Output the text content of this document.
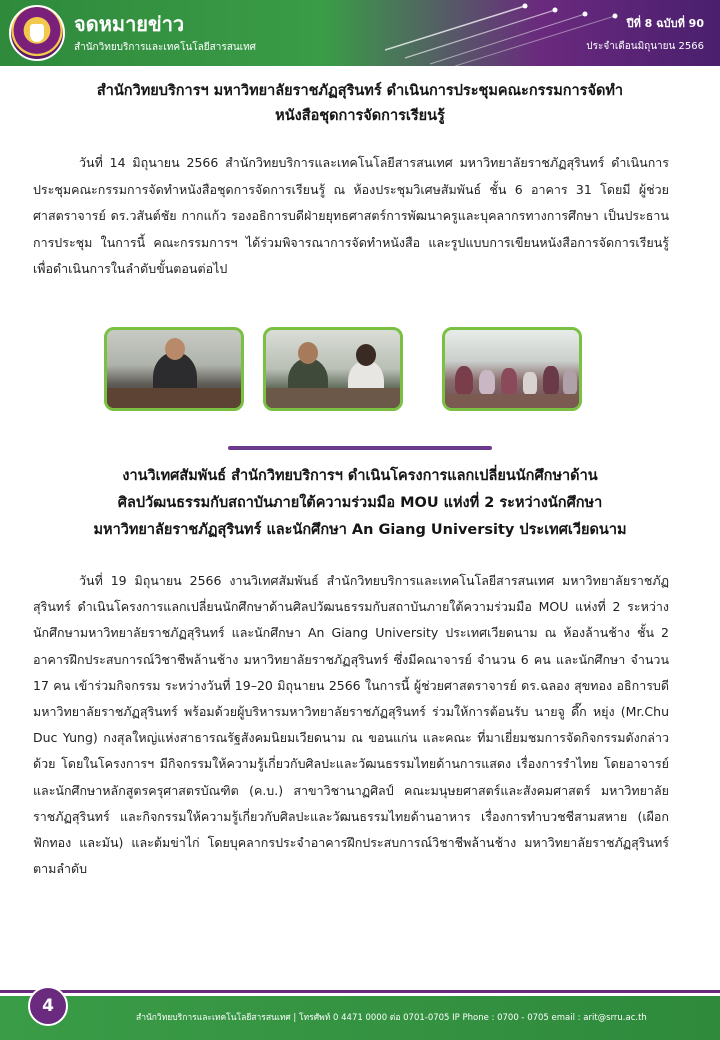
จดหมายข่าว
สำนักวิทยบริการและเทคโนโลยีสารสนเทศ
ปีที่ 8 ฉบับที่ 90
ประจำเดือนมิถุนายน 2566
สำนักวิทยบริการฯ มหาวิทยาลัยราชภัฏสุรินทร์ ดำเนินการประชุมคณะกรรมการจัดทำ
หนังสือชุดการจัดการเรียนรู้
วันที่ 14 มิถุนายน 2566 สำนักวิทยบริการและเทคโนโลยีสารสนเทศ มหาวิทยาลัยราชภัฏสุรินทร์ ดำเนินการประชุมคณะกรรมการจัดทำหนังสือชุดการจัดการเรียนรู้ ณ ห้องประชุมวิเศษสัมพันธ์ ชั้น 6 อาคาร 31 โดยมี ผู้ช่วยศาสตราจารย์ ดร.วสันต์ชัย กากแก้ว รองอธิการบดีฝ่ายยุทธศาสตร์การพัฒนาครูและบุคลากรทางการศึกษา เป็นประธานการประชุม ในการนี้ คณะกรรมการฯ ได้ร่วมพิจารณาการจัดทำหนังสือ และรูปแบบการเขียนหนังสือการจัดการเรียนรู้ เพื่อดำเนินการในลำดับขั้นตอนต่อไป
งานวิเทศสัมพันธ์ สำนักวิทยบริการฯ ดำเนินโครงการแลกเปลี่ยนนักศึกษาด้าน
ศิลปวัฒนธรรมกับสถาบันภายใต้ความร่วมมือ MOU แห่งที่ 2 ระหว่างนักศึกษา
มหาวิทยาลัยราชภัฏสุรินทร์ และนักศึกษา An Giang University ประเทศเวียดนาม
วันที่ 19 มิถุนายน 2566 งานวิเทศสัมพันธ์ สำนักวิทยบริการและเทคโนโลยีสารสนเทศ มหาวิทยาลัยราชภัฏสุรินทร์ ดำเนินโครงการแลกเปลี่ยนนักศึกษาด้านศิลปวัฒนธรรมกับสถาบันภายใต้ความร่วมมือ MOU แห่งที่ 2 ระหว่างนักศึกษามหาวิทยาลัยราชภัฏสุรินทร์ และนักศึกษา An Giang University ประเทศเวียดนาม ณ ห้องล้านช้าง ชั้น 2 อาคารฝึกประสบการณ์วิชาชีพล้านช้าง มหาวิทยาลัยราชภัฏสุรินทร์ ซึ่งมีคณาจารย์ จำนวน 6 คน และนักศึกษา จำนวน 17 คน เข้าร่วมกิจกรรม ระหว่างวันที่ 19–20 มิถุนายน 2566 ในการนี้ ผู้ช่วยศาสตราจารย์ ดร.ฉลอง สุขทอง อธิการบดีมหาวิทยาลัยราชภัฏสุรินทร์ พร้อมด้วยผู้บริหารมหาวิทยาลัยราชภัฏสุรินทร์ ร่วมให้การต้อนรับ นายจู ดึ๊ก หยุ่ง (Mr.Chu Duc Yung) กงสุลใหญ่แห่งสาธารณรัฐสังคมนิยมเวียดนาม ณ ขอนแก่น และคณะ ที่มาเยี่ยมชมการจัดกิจกรรมดังกล่าวด้วย โดยในโครงการฯ มีกิจกรรมให้ความรู้เกี่ยวกับศิลปะและวัฒนธรรมไทยด้านการแสดง เรื่องการรำไทย โดยอาจารย์และนักศึกษาหลักสูตรครุศาสตรบัณฑิต (ค.บ.) สาขาวิชานาฏศิลป์ คณะมนุษยศาสตร์และสังคมศาสตร์ มหาวิทยาลัยราชภัฏสุรินทร์ และกิจกรรมให้ความรู้เกี่ยวกับศิลปะและวัฒนธรรมไทยด้านอาหาร เรื่องการทำบวชชีสามสหาย (เผือก ฟักทอง และมัน) และต้มข่าไก่ โดยบุคลากรประจำอาคารฝึกประสบการณ์วิชาชีพล้านช้าง มหาวิทยาลัยราชภัฏสุรินทร์ ตามลำดับ
4
สำนักวิทยบริการและเทคโนโลยีสารสนเทศ | โทรศัพท์ 0 4471 0000 ต่อ 0701-0705 IP Phone : 0700 - 0705 email : arit@srru.ac.th
